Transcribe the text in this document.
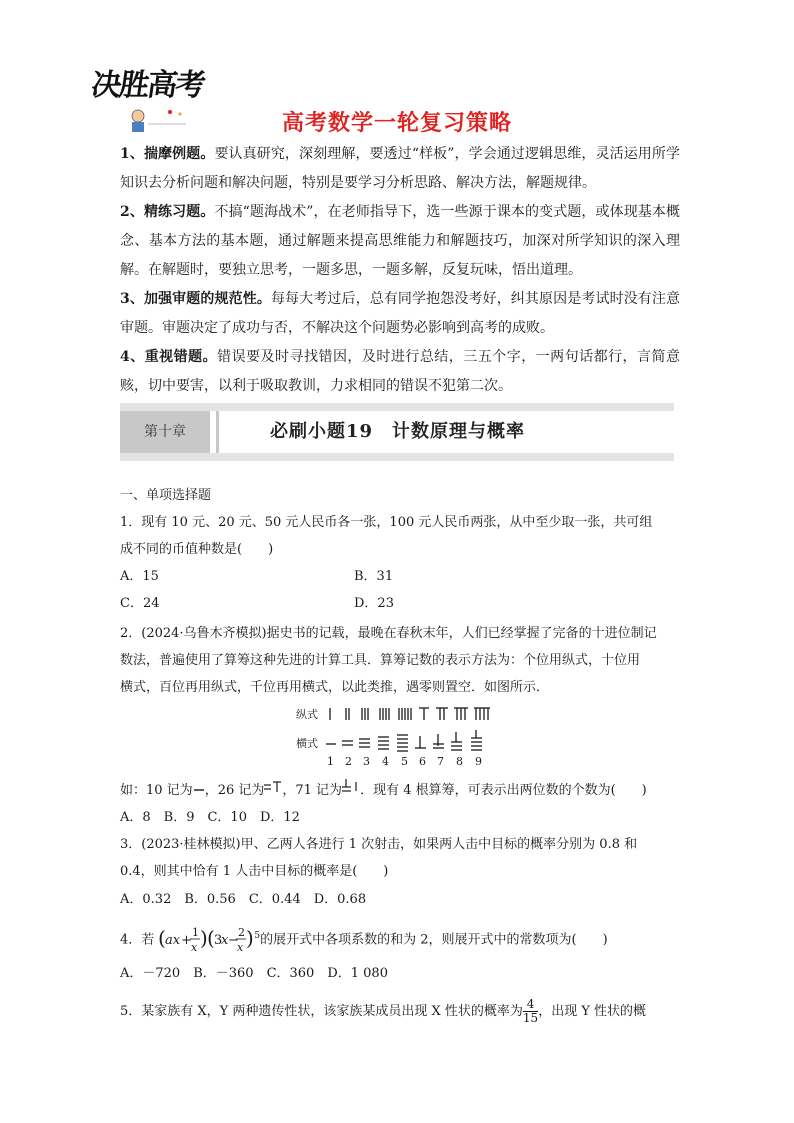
决胜高考
高考数学一轮复习策略
1、揣摩例题。要认真研究，深刻理解，要透过“样板”，学会通过逻辑思维，灵活运用所学知识去分析问题和解决问题，特别是要学习分析思路、解决方法，解题规律。
2、精练习题。不搞“题海战术”，在老师指导下，选一些源于课本的变式题，或体现基本概念、基本方法的基本题，通过解题来提高思维能力和解题技巧，加深对所学知识的深入理解。在解题时，要独立思考，一题多思，一题多解，反复玩味，悟出道理。
3、加强审题的规范性。每每大考过后，总有同学抱怨没考好，纠其原因是考试时没有注意审题。审题决定了成功与否，不解决这个问题势必影响到高考的成败。
4、重视错题。错误要及时寻找错因，及时进行总结，三五个字，一两句话都行，言简意赅，切中要害，以利于吸取教训，力求相同的错误不犯第二次。
第十章	必刷小题19　计数原理与概率
一、单项选择题
1．现有 10 元、20 元、50 元人民币各一张，100 元人民币两张，从中至少取一张，共可组
成不同的币值种数是(　　)
A．15	B．31
C．24	D．23
2．(2024·乌鲁木齐模拟)据史书的记载，最晚在春秋末年，人们已经掌握了完备的十进位制记
数法，普遍使用了算筹这种先进的计算工具．算筹记数的表示方法为：个位用纵式，十位用
横式，百位再用纵式，千位再用横式，以此类推，遇零则置空．如图所示．
纵式
横式
1 2 3 4 5 6 7 8 9
如：10 记为 ，26 记为 ，71 记为 ．现有 4 根算筹，可表示出两位数的个数为(　　)
A．8　B．9　C．10　D．12
3．(2023·桂林模拟)甲、乙两人各进行 1 次射击，如果两人击中目标的概率分别为 0.8 和
0.4，则其中恰有 1 人击中目标的概率是(　　)
A．0.32　B．0.56　C．0.44　D．0.68
4．若 ( ax +
1
x ) ( 3
x −
2
x ) $^5$的展开式中各项系数的和为 2，则展开式中的常数项为(　　)
A．－720　B．－360　C．360　D．1 080
5．某家族有 X，Y 两种遗传性状，该家族某成员出现 X 性状的概率为 $\frac{4}{15}$ ，出现 Y 性状的概
